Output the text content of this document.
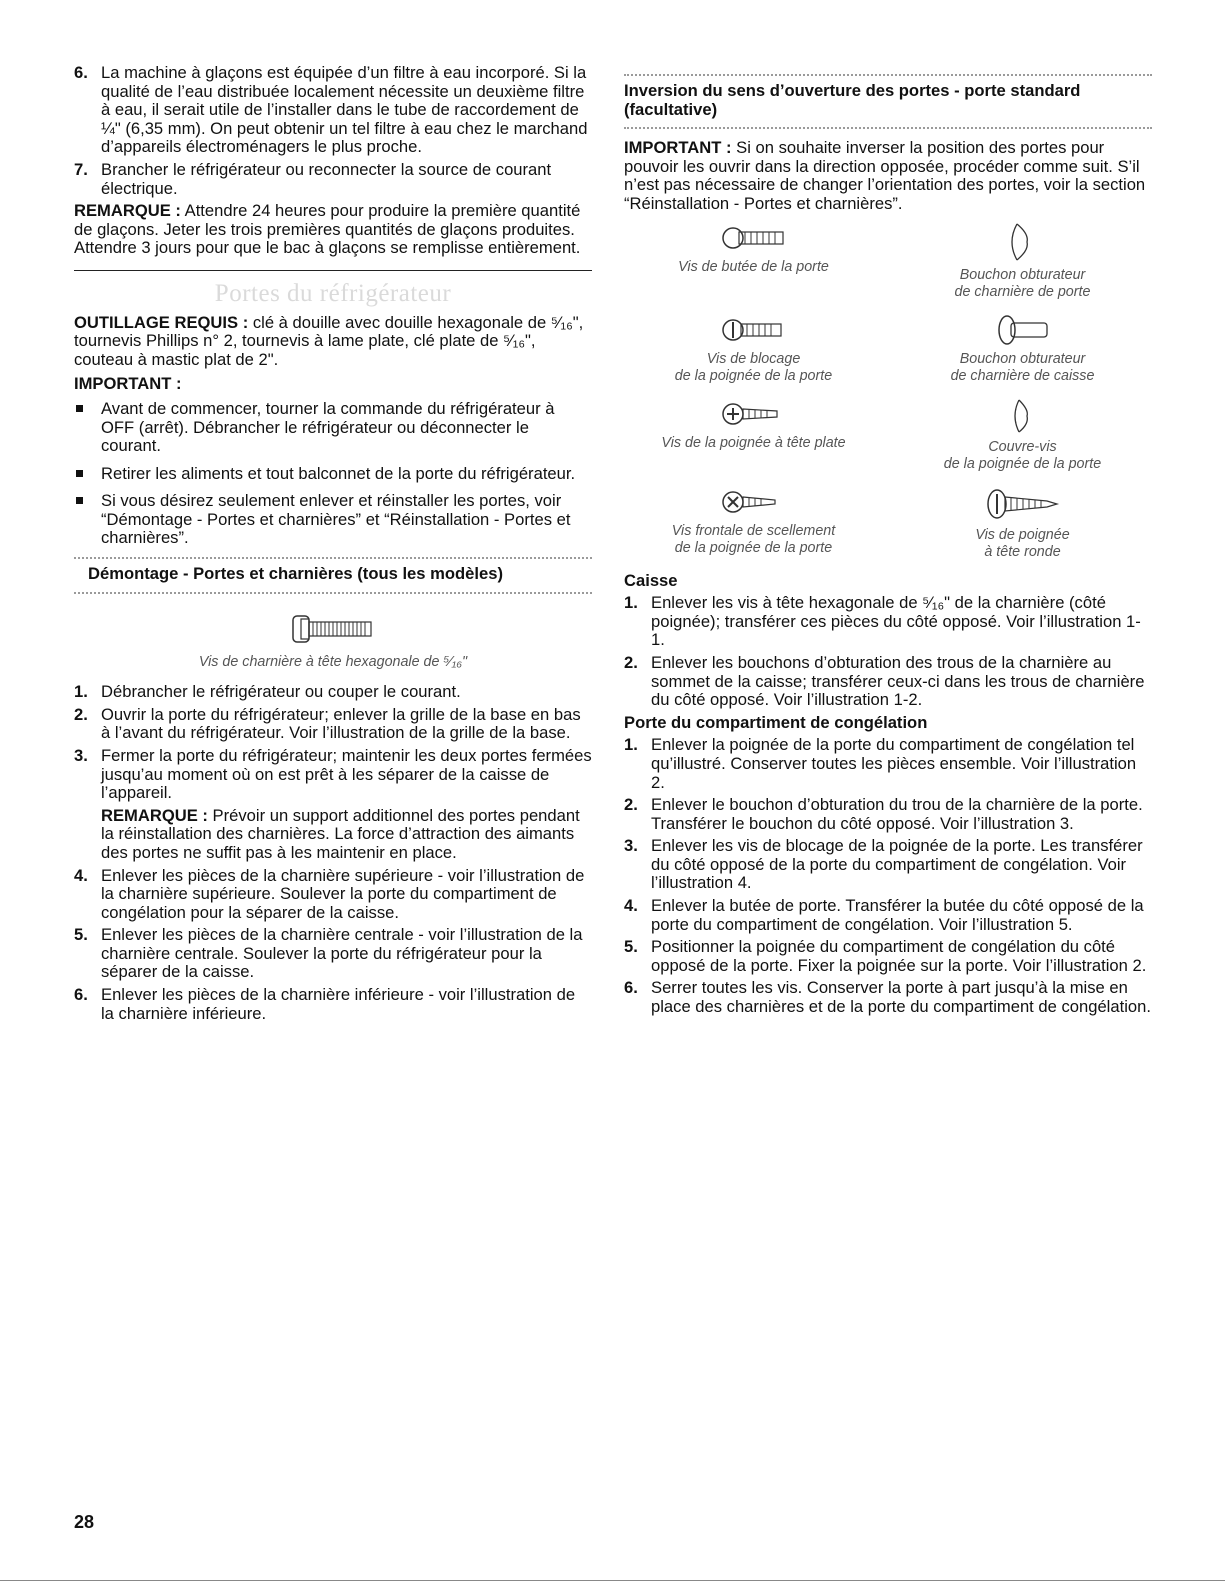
6. La machine à glaçons est équipée d’un filtre à eau incorporé. Si la qualité de l’eau distribuée localement nécessite un deuxième filtre à eau, il serait utile de l’installer dans le tube de raccordement de ¼" (6,35 mm). On peut obtenir un tel filtre à eau chez le marchand d’appareils électroménagers le plus proche.
7. Brancher le réfrigérateur ou reconnecter la source de courant électrique.

REMARQUE : Attendre 24 heures pour produire la première quantité de glaçons. Jeter les trois premières quantités de glaçons produites. Attendre 3 jours pour que le bac à glaçons se remplisse entièrement.

Portes du réfrigérateur

OUTILLAGE REQUIS : clé à douille avec douille hexagonale de ⁵⁄₁₆", tournevis Phillips n° 2, tournevis à lame plate, clé plate de ⁵⁄₁₆", couteau à mastic plat de 2".

IMPORTANT :

Avant de commencer, tourner la commande du réfrigérateur à OFF (arrêt). Débrancher le réfrigérateur ou déconnecter le courant.
Retirer les aliments et tout balconnet de la porte du réfrigérateur.
Si vous désirez seulement enlever et réinstaller les portes, voir “Démontage - Portes et charnières” et “Réinstallation - Portes et charnières”.
Démontage - Portes et charnières (tous les modèles)
Vis de charnière à tête hexagonale de ⁵⁄₁₆"
1. Débrancher le réfrigérateur ou couper le courant.
2. Ouvrir la porte du réfrigérateur; enlever la grille de la base en bas à l’avant du réfrigérateur. Voir l’illustration de la grille de la base.
3. Fermer la porte du réfrigérateur; maintenir les deux portes fermées jusqu’au moment où on est prêt à les séparer de la caisse de l’appareil.

REMARQUE : Prévoir un support additionnel des portes pendant la réinstallation des charnières. La force d’attraction des aimants des portes ne suffit pas à les maintenir en place.

4. Enlever les pièces de la charnière supérieure - voir l’illustration de la charnière supérieure. Soulever la porte du compartiment de congélation pour la séparer de la caisse.
5. Enlever les pièces de la charnière centrale - voir l’illustration de la charnière centrale. Soulever la porte du réfrigérateur pour la séparer de la caisse.
6. Enlever les pièces de la charnière inférieure - voir l’illustration de la charnière inférieure.
Inversion du sens d’ouverture des portes - porte standard (facultative)

IMPORTANT : Si on souhaite inverser la position des portes pour pouvoir les ouvrir dans la direction opposée, procéder comme suit. S’il n’est pas nécessaire de changer l’orientation des portes, voir la section “Réinstallation - Portes et charnières”.

Vis de butée de la porte	Bouchon obturateur
de charnière de porte
Vis de blocage
de la poignée de la porte
Bouchon obturateur
de charnière de caisse
Vis de la poignée à tête plate	Couvre-vis
de la poignée de la porte
Vis frontale de scellement
de la poignée de la porte
Vis de poignée
à tête ronde

Caisse

1. Enlever les vis à tête hexagonale de ⁵⁄₁₆" de la charnière (côté poignée); transférer ces pièces du côté opposé. Voir l’illustration 1-1.
2. Enlever les bouchons d’obturation des trous de la charnière au sommet de la caisse; transférer ceux-ci dans les trous de charnière du côté opposé. Voir l’illustration 1-2.

Porte du compartiment de congélation

1. Enlever la poignée de la porte du compartiment de congélation tel qu’illustré. Conserver toutes les pièces ensemble. Voir l’illustration 2.
2. Enlever le bouchon d’obturation du trou de la charnière de la porte. Transférer le bouchon du côté opposé. Voir l’illustration 3.
3. Enlever les vis de blocage de la poignée de la porte. Les transférer du côté opposé de la porte du compartiment de congélation. Voir l’illustration 4.
4. Enlever la butée de porte. Transférer la butée du côté opposé de la porte du compartiment de congélation. Voir l’illustration 5.
5. Positionner la poignée du compartiment de congélation du côté opposé de la porte. Fixer la poignée sur la porte. Voir l’illustration 2.
6. Serrer toutes les vis. Conserver la porte à part jusqu’à la mise en place des charnières et de la porte du compartiment de congélation.
28
